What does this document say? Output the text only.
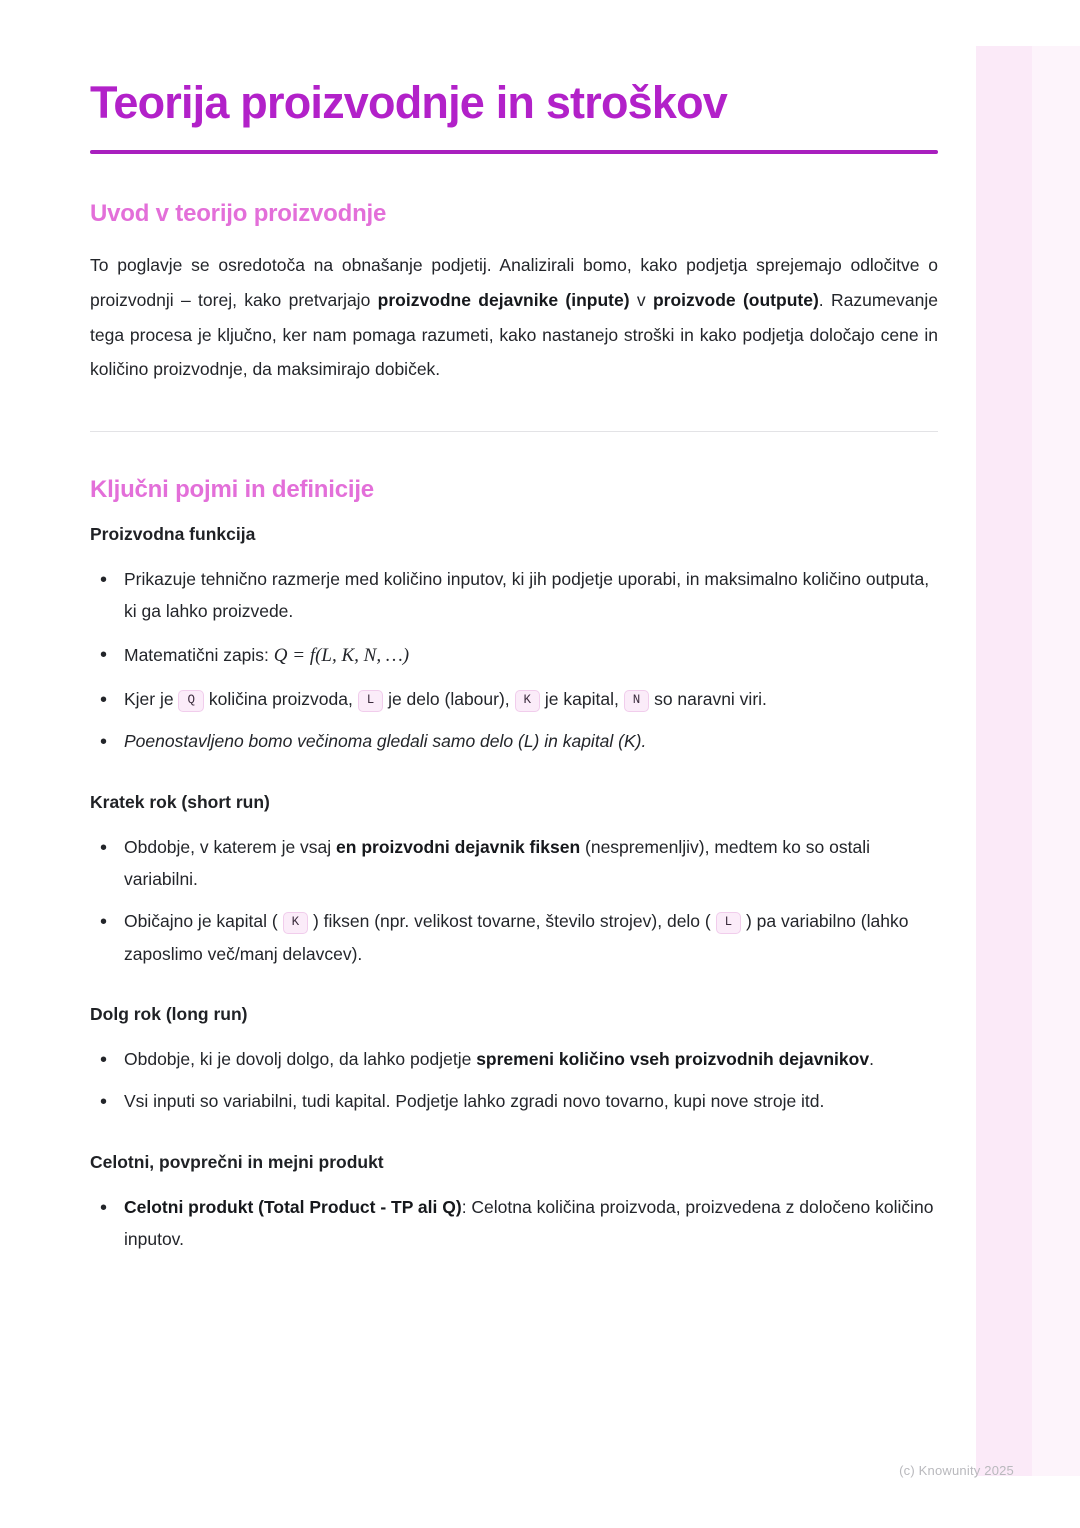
Teorija proizvodnje in stroškov
Uvod v teorijo proizvodnje

To poglavje se osredotoča na obnašanje podjetij. Analizirali bomo, kako podjetja sprejemajo odločitve o proizvodnji – torej, kako pretvarjajo proizvodne dejavnike (inpute) v proizvode (outpute). Razumevanje tega procesa je ključno, ker nam pomaga razumeti, kako nastanejo stroški in kako podjetja določajo cene in količino proizvodnje, da maksimirajo dobiček.

Ključni pojmi in definicije
Proizvodna funkcija
• Prikazuje tehnično razmerje med količino inputov, ki jih podjetje uporabi, in maksimalno količino outputa, ki ga lahko proizvede.
• Matematični zapis: Q = f(L, K, N, …)
• Kjer je Q količina proizvoda, L je delo (labour), K je kapital, N so naravni viri.
• Poenostavljeno bomo večinoma gledali samo delo (L) in kapital (K).
Kratek rok (short run)
• Obdobje, v katerem je vsaj en proizvodni dejavnik fiksen (nespremenljiv), medtem ko so ostali variabilni.
• Običajno je kapital ( K ) fiksen (npr. velikost tovarne, število strojev), delo ( L ) pa variabilno (lahko zaposlimo več/manj delavcev).
Dolg rok (long run)
• Obdobje, ki je dovolj dolgo, da lahko podjetje spremeni količino vseh proizvodnih dejavnikov.
• Vsi inputi so variabilni, tudi kapital. Podjetje lahko zgradi novo tovarno, kupi nove stroje itd.
Celotni, povprečni in mejni produkt
• Celotni produkt (Total Product - TP ali Q): Celotna količina proizvoda, proizvedena z določeno količino inputov.
(c) Knowunity 2025
